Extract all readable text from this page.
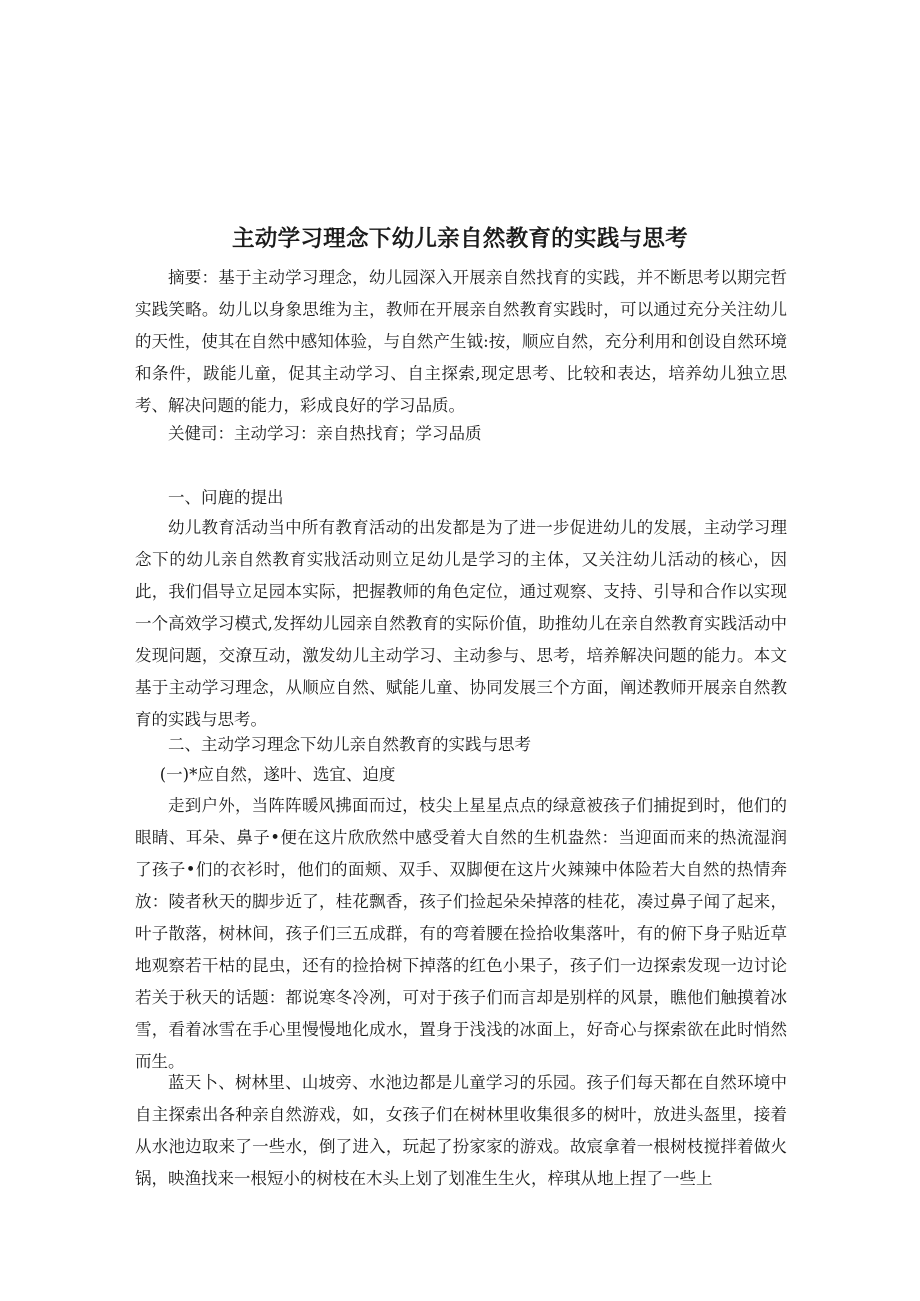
主动学习理念下幼儿亲自然教育的实践与思考

摘要：基于主动学习理念，幼儿园深入开展亲自然找育的实践，并不断思考以期完哲实践笑略。幼儿以身象思维为主，教师在开展亲自然教育实践时，可以通过充分关注幼儿的天性，使其在自然中感知体验，与自然产生钺:按，顺应自然，充分利用和创设自然环境和条件，跋能儿童，促其主动学习、自主探索,现定思考、比较和表达，培养幼儿独立思考、解决问题的能力，彩成良好的学习品质。

关健司：主动学习：亲自热找育；学习品质

一、问鹿的提出

幼儿教育活动当中所有教育活动的出发都是为了进一步促进幼儿的发展，主动学习理念下的幼儿亲自然教育实戕活动则立足幼儿是学习的主体，又关注幼儿活动的核心，因此，我们倡导立足园本实际，把握教师的角色定位，通过观察、支持、引导和合作以实现一个高效学习模式,发挥幼儿园亲自然教育的实际价值，助推幼儿在亲自然教育实践活动中发现问题，交潦互动，激发幼儿主动学习、主动参与、思考，培养解决问题的能力。本文基于主动学习理念，从顺应自然、赋能儿童、协同发展三个方面，阐述教师开展亲自然教育的实践与思考。

二、主动学习理念下幼儿亲自然教育的实践与思考

(一)*应自然，遂叶、选宜、迫度

走到户外，当阵阵暖风拂面而过，枝尖上星星点点的绿意被孩子们捕捉到时，他们的眼睛、耳朵、鼻子•便在这片欣欣然中感受着大自然的生机盎然：当迎面而来的热流湿润了孩子•们的衣衫时，他们的面颊、双手、双脚便在这片火辣辣中体险若大自然的热情奔放：陵者秋天的脚步近了，桂花飘香，孩子们捡起朵朵掉落的桂花，凑过鼻子闻了起来，叶子散落，树林间，孩子们三五成群，有的弯着腰在捡拾收集落叶，有的俯下身子贴近草地观察若干枯的昆虫，还有的捡拾树下掉落的红色小果子，孩子们一边探索发现一边讨论若关于秋天的话题：都说寒冬冷冽，可对于孩子们而言却是别样的风景，瞧他们触摸着冰雪，看着冰雪在手心里慢慢地化成水，置身于浅浅的冰面上，好奇心与探索欲在此时悄然而生。

蓝天卜、树林里、山坡旁、水池边都是儿童学习的乐园。孩子们每天都在自然环境中自主探索出各种亲自然游戏，如，女孩子们在树林里收集很多的树叶，放进头盔里，接着从水池边取来了一些水，倒了进入，玩起了扮家家的游戏。故宸拿着一根树枝搅拌着做火锅，映渔找来一根短小的树枝在木头上划了划准生生火，梓琪从地上捏了一些上
